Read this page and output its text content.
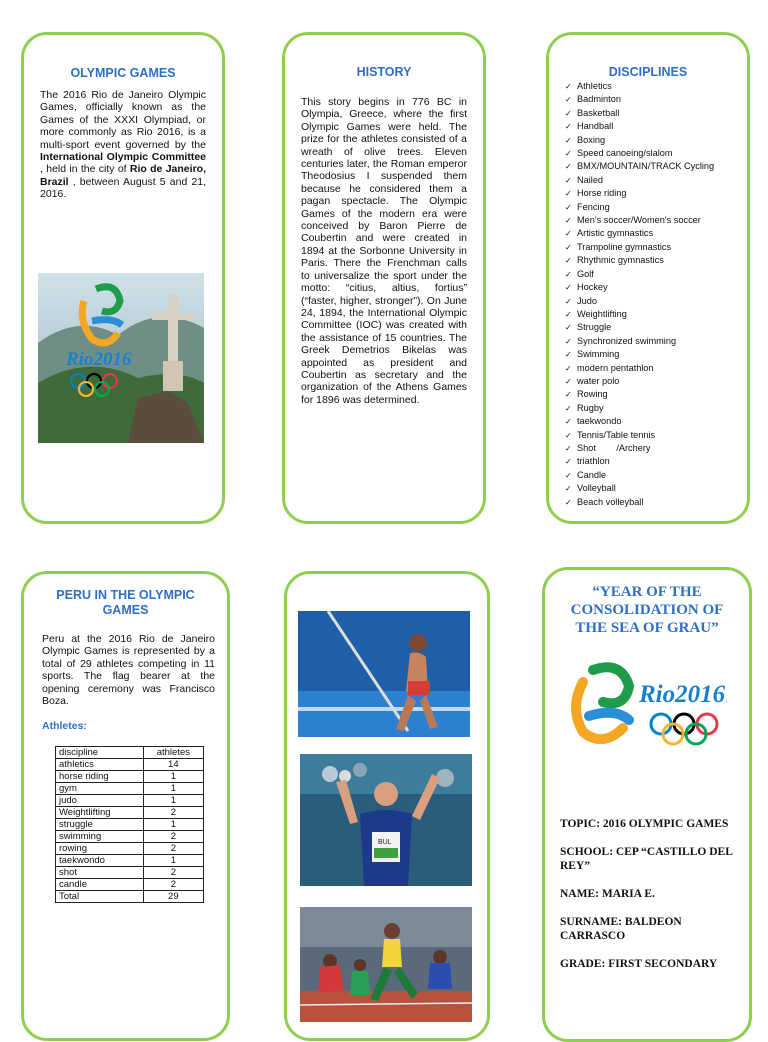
OLYMPIC GAMES
The 2016 Rio de Janeiro Olympic Games, officially known as the Games of the XXXI Olympiad, or more commonly as Rio 2016, is a multi-sport event governed by the International Olympic Committee , held in the city of Rio de Janeiro, Brazil , between August 5 and 21, 2016.
Rio2016
HISTORY
This story begins in 776 BC in Olympia, Greece, where the first Olympic Games were held. The prize for the athletes consisted of a wreath of olive trees. Eleven centuries later, the Roman emperor Theodosius I suspended them because he considered them a pagan spectacle. The Olympic Games of the modern era were conceived by Baron Pierre de Coubertin and were created in 1894 at the Sorbonne University in Paris. There the Frenchman calls to universalize the sport under the motto: “citius, altius, fortius” (“faster, higher, stronger”). On June 24, 1894, the International Olympic Committee (IOC) was created with the assistance of 15 countries. The Greek Demetrios Bikelas was appointed as president and Coubertin as secretary and the organization of the Athens Games for 1896 was determined.
DISCIPLINES
✓ Athletics
✓ Badminton
✓ Basketball
✓ Handball
✓ Boxing
✓ Speed canoeing/slalom
✓ BMX/MOUNTAIN/TRACK Cycling
✓ Nailed
✓ Horse riding
✓ Fencing
✓ Men's soccer/Women's soccer
✓ Artistic gymnastics
✓ Trampoline gymnastics
✓ Rhythmic gymnastics
✓ Golf
✓ Hockey
✓ Judo
✓ Weightlifting
✓ Struggle
✓ Synchronized swimming
✓ Swimming
✓ modern pentathlon
✓ water polo
✓ Rowing
✓ Rugby
✓ taekwondo
✓ Tennis/Table tennis
✓ Shot        /Archery
✓ triathlon
✓ Candle
✓ Volleyball
✓ Beach volleyball
PERU IN THE OLYMPIC GAMES
Peru at the 2016 Rio de Janeiro Olympic Games is represented by a total of 29 athletes competing in 11 sports. The flag bearer at the opening ceremony was Francisco Boza.
Athletes:
discipline	athletes
athletics	14
horse riding	1
gym	1
judo	1
Weightlifting	2
struggle	1
swimming	2
rowing	2
taekwondo	1
shot	2
candle	2
Total	29
BUL
“YEAR OF THE CONSOLIDATION OF THE SEA OF GRAU”
Rio2016 .

TOPIC: 2016 OLYMPIC GAMES

SCHOOL: CEP “CASTILLO DEL REY”

NAME: MARIA E.

SURNAME: BALDEON CARRASCO

GRADE: FIRST SECONDARY
